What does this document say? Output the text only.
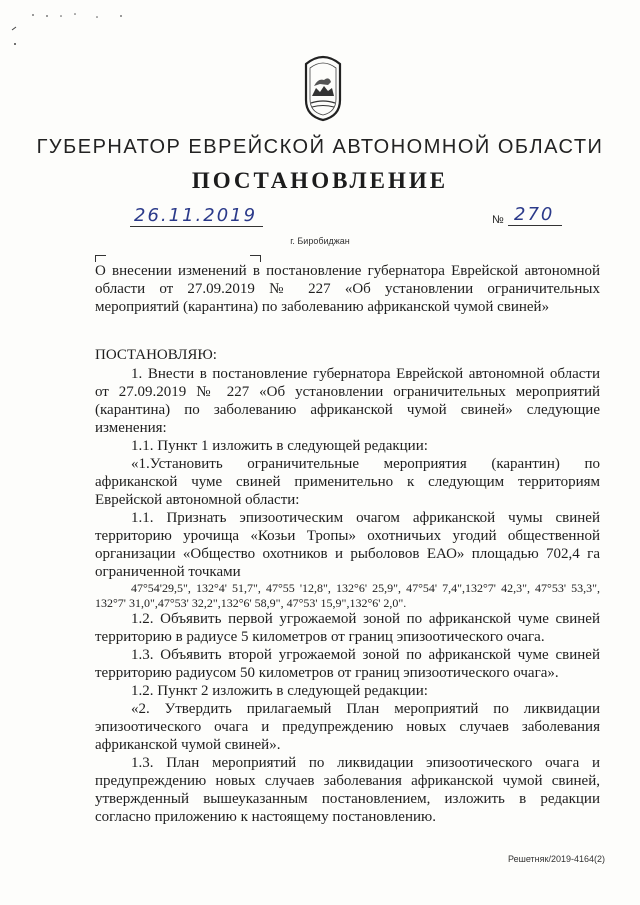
ГУБЕРНАТОР ЕВРЕЙСКОЙ АВТОНОМНОЙ ОБЛАСТИ
ПОСТАНОВЛЕНИЕ
26.11.2019	№ 270
г. Биробиджан
О внесении изменений в постановление губернатора Еврейской автономной области от 27.09.2019 № 227 «Об установлении ограничительных мероприятий (карантина) по заболеванию африканской чумой свиней»

ПОСТАНОВЛЯЮ:

1. Внести в постановление губернатора Еврейской автономной области от 27.09.2019 № 227 «Об установлении ограничительных мероприятий (карантина) по заболеванию африканской чумой свиней» следующие изменения:

1.1. Пункт 1 изложить в следующей редакции:

«1.Установить ограничительные мероприятия (карантин) по африканской чуме свиней применительно к следующим территориям Еврейской автономной области:

1.1. Признать эпизоотическим очагом африканской чумы свиней территорию урочища «Козьи Тропы» охотничьих угодий общественной организации «Общество охотников и рыболовов ЕАО» площадью 702,4 га ограниченной точками

47°54'29,5", 132°4' 51,7", 47°55 '12,8", 132°6' 25,9", 47°54' 7,4",132°7' 42,3", 47°53' 53,3", 132°7' 31,0",47°53' 32,2",132°6' 58,9", 47°53' 15,9",132°6' 2,0".

1.2. Объявить первой угрожаемой зоной по африканской чуме свиней территорию в радиусе 5 километров от границ эпизоотического очага.

1.3. Объявить второй угрожаемой зоной по африканской чуме свиней территорию радиусом 50 километров от границ эпизоотического очага».

1.2. Пункт 2 изложить в следующей редакции:

«2. Утвердить прилагаемый План мероприятий по ликвидации эпизоотического очага и предупреждению новых случаев заболевания африканской чумой свиней».

1.3. План мероприятий по ликвидации эпизоотического очага и предупреждению новых случаев заболевания африканской чумой свиней, утвержденный вышеуказанным постановлением, изложить в редакции согласно приложению к настоящему постановлению.

Решетняк/2019-4164(2)
